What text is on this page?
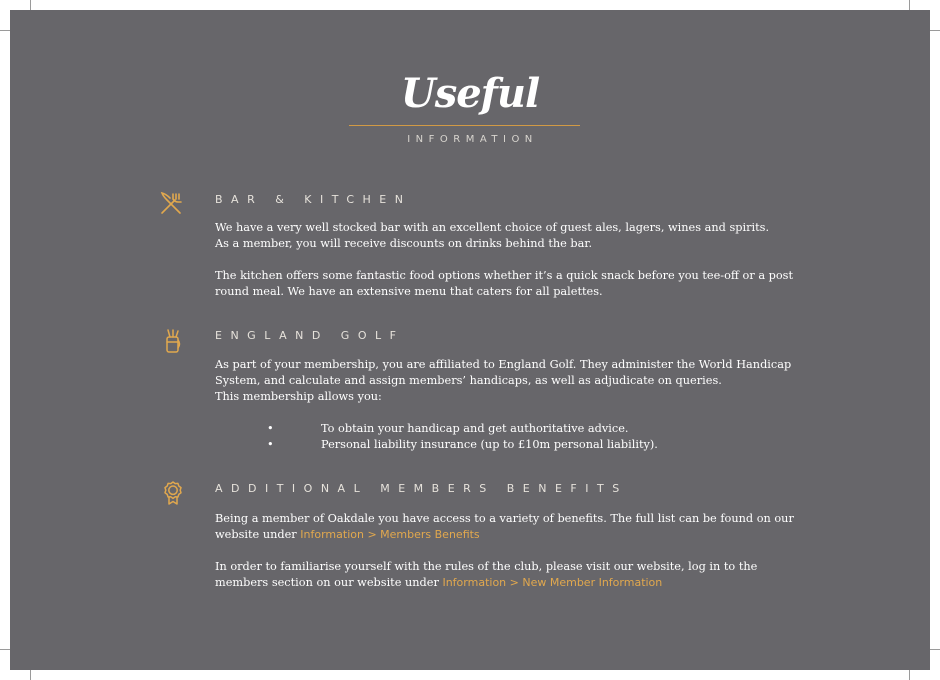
Useful
INFORMATION
BAR & KITCHEN

We have a very well stocked bar with an excellent choice of guest ales, lagers, wines and spirits.
As a member, you will receive discounts on drinks behind the bar.

The kitchen offers some fantastic food options whether it’s a quick snack before you tee-off or a post round meal. We have an extensive menu that caters for all palettes.

ENGLAND GOLF

As part of your membership, you are affiliated to England Golf. They administer the World Handicap System, and calculate and assign members’ handicaps, as well as adjudicate on queries.
This membership allows you:

•	To obtain your handicap and get authoritative advice.
•	Personal liability insurance (up to £10m personal liability).
ADDITIONAL MEMBERS BENEFITS

Being a member of Oakdale you have access to a variety of benefits. The full list can be found on our website under Information > Members Benefits

In order to familiarise yourself with the rules of the club, please visit our website, log in to the members section on our website under Information > New Member Information
